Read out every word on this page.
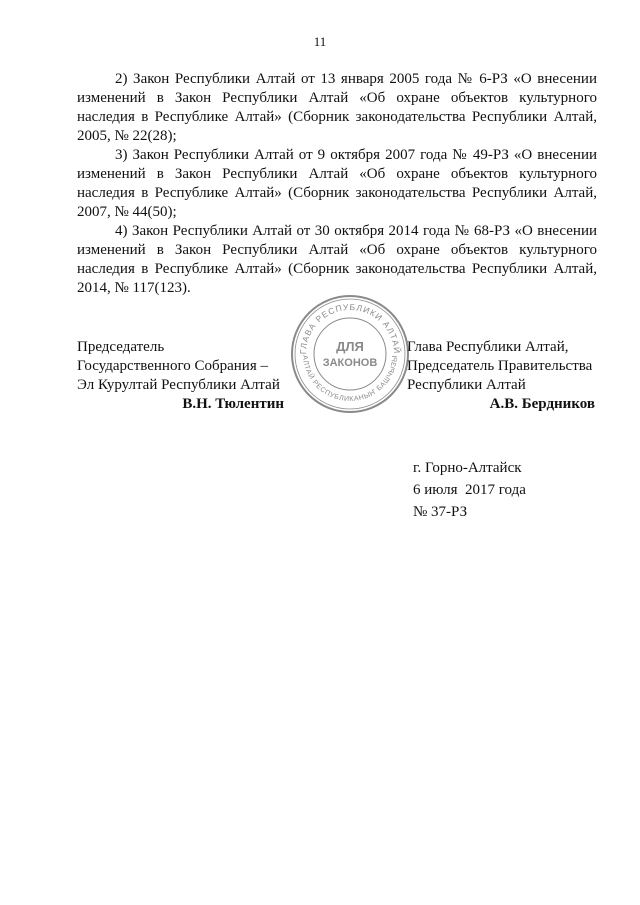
11

2) Закон Республики Алтай от 13 января 2005 года № 6-РЗ «О внесении изменений в Закон Республики Алтай «Об охране объектов культурного наследия в Республике Алтай» (Сборник законодательства Республики Алтай, 2005, № 22(28);

3) Закон Республики Алтай от 9 октября 2007 года № 49-РЗ «О внесении изменений в Закон Республики Алтай «Об охране объектов культурного наследия в Республике Алтай» (Сборник законодательства Республики Алтай, 2007, № 44(50);

4) Закон Республики Алтай от 30 октября 2014 года № 68-РЗ «О внесении изменений в Закон Республики Алтай «Об охране объектов культурного наследия в Республике Алтай» (Сборник законодательства Республики Алтай, 2014, № 117(123).

Председатель
Государственного Собрания –
Эл Курултай Республики Алтай
В.Н. Тюлентин
ГЛАВА РЕСПУБЛИКИ АЛТАЙ
АЛТАЙ РЕСПУБЛИКАНЫҤ БАШЧЫЗЫ
ДЛЯ
ЗАКОНОВ
Глава Республики Алтай,
Председатель Правительства
Республики Алтай
А.В. Бердников
г. Горно-Алтайск
6 июля  2017 года
№ 37-РЗ
